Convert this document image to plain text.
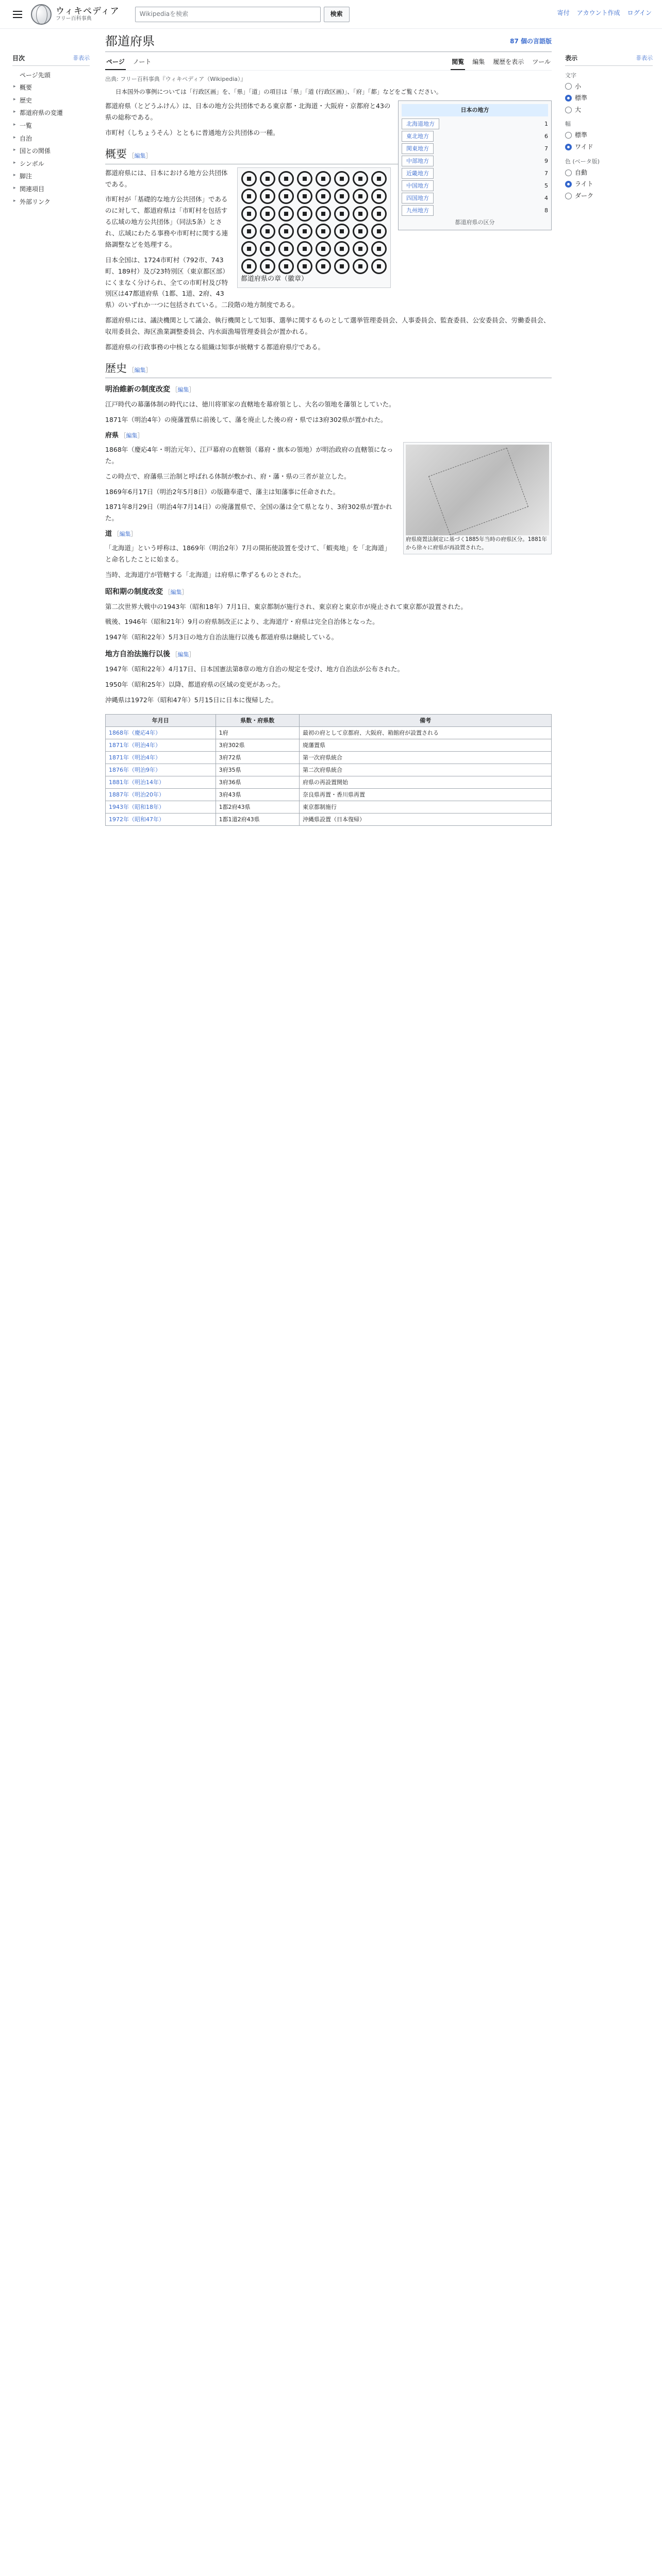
ウィキペディア
フリー百科事典
Wikipediaを検索	検索	寄付 アカウント作成 ログイン
目次	非表示
ページ先頭
▸ 概要
▸ 歴史
▸ 都道府県の変遷
▸ 一覧
▸ 自治
▸ 国との関係
▸ シンボル
▸ 脚注
▸ 関連項目
▸ 外部リンク
都道府県	87 個の言語版
ページ ノート	閲覧 編集 履歴を表示 ツール
出典: フリー百科事典『ウィキペディア（Wikipedia）』
日本国外の事例については「行政区画」を、「県」「道」の項目は「県」「道 (行政区画)」、「府」「都」などをご覧ください。
日本の地方
北海道地方	1
東北地方	6
関東地方	7
中部地方	9
近畿地方	7
中国地方	5
四国地方	4
九州地方	8
都道府県の区分

都道府県（とどうふけん）は、日本の地方公共団体である東京都・北海道・大阪府・京都府と43の県の総称である。

市町村（しちょうそん）とともに普通地方公共団体の一種。

概要 ［編集］
都道府県の章（徽章）

都道府県には、日本における地方公共団体である。

市町村が「基礎的な地方公共団体」であるのに対して、都道府県は「市町村を包括する広域の地方公共団体」（同法5条）とされ、広域にわたる事務や市町村に関する連絡調整などを処理する。

日本全国は、1724市町村（792市、743町、189村）及び23特別区（東京都区部）にくまなく分けられ、全ての市町村及び特別区は47都道府県（1都、1道、2府、43県）のいずれか一つに包括されている。二段階の地方制度である。

都道府県には、議決機関として議会、執行機関として知事、選挙に関するものとして選挙管理委員会、人事委員会、監査委員、公安委員会、労働委員会、収用委員会、海区漁業調整委員会、内水面漁場管理委員会が置かれる。

都道府県の行政事務の中核となる組織は知事が統轄する都道府県庁である。

歴史 ［編集］
明治維新の制度改変 ［編集］

江戸時代の幕藩体制の時代には、徳川将軍家の直轄地を幕府領とし、大名の領地を藩領としていた。

1871年（明治4年）の廃藩置県に前後して、藩を廃止した後の府・県では3府302県が置かれた。

府県 ［編集］
府県廃置法制定に基づく1885年当時の府県区分。1881年から徐々に府県が再設置された。

1868年（慶応4年・明治元年）、江戸幕府の直轄領（幕府・旗本の領地）が明治政府の直轄領になった。

この時点で、府藩県三治制と呼ばれる体制が敷かれ、府・藩・県の三者が並立した。

1869年6月17日（明治2年5月8日）の版籍奉還で、藩主は知藩事に任命された。

1871年8月29日（明治4年7月14日）の廃藩置県で、全国の藩は全て県となり、3府302県が置かれた。

道 ［編集］

「北海道」という呼称は、1869年（明治2年）7月の開拓使設置を受けて、「蝦夷地」を「北海道」と命名したことに始まる。

当時、北海道庁が管轄する「北海道」は府県に準ずるものとされた。

昭和期の制度改変 ［編集］

第二次世界大戦中の1943年（昭和18年）7月1日、東京都制が施行され、東京府と東京市が廃止されて東京都が設置された。

戦後、1946年（昭和21年）9月の府県制改正により、北海道庁・府県は完全自治体となった。

1947年（昭和22年）5月3日の地方自治法施行以後も都道府県は継続している。

地方自治法施行以後 ［編集］

1947年（昭和22年）4月17日、日本国憲法第8章の地方自治の規定を受け、地方自治法が公布された。

1950年（昭和25年）以降、都道府県の区域の変更があった。

沖縄県は1972年（昭和47年）5月15日に日本に復帰した。

年月日	県数・府県数	備考
1868年（慶応4年）	1府	最初の府として京都府、大阪府、箱館府が設置される
1871年（明治4年）	3府302県	廃藩置県
1871年（明治4年）	3府72県	第一次府県統合
1876年（明治9年）	3府35県	第二次府県統合
1881年（明治14年）	3府36県	府県の再設置開始
1887年（明治20年）	3府43県	奈良県再置・香川県再置
1943年（昭和18年）	1都2府43県	東京都制施行
1972年（昭和47年）	1都1道2府43県	沖縄県設置（日本復帰）
表示	非表示
文字
小
標準
大
幅
標準
ワイド
色 (ベータ版)
自動
ライト
ダーク
